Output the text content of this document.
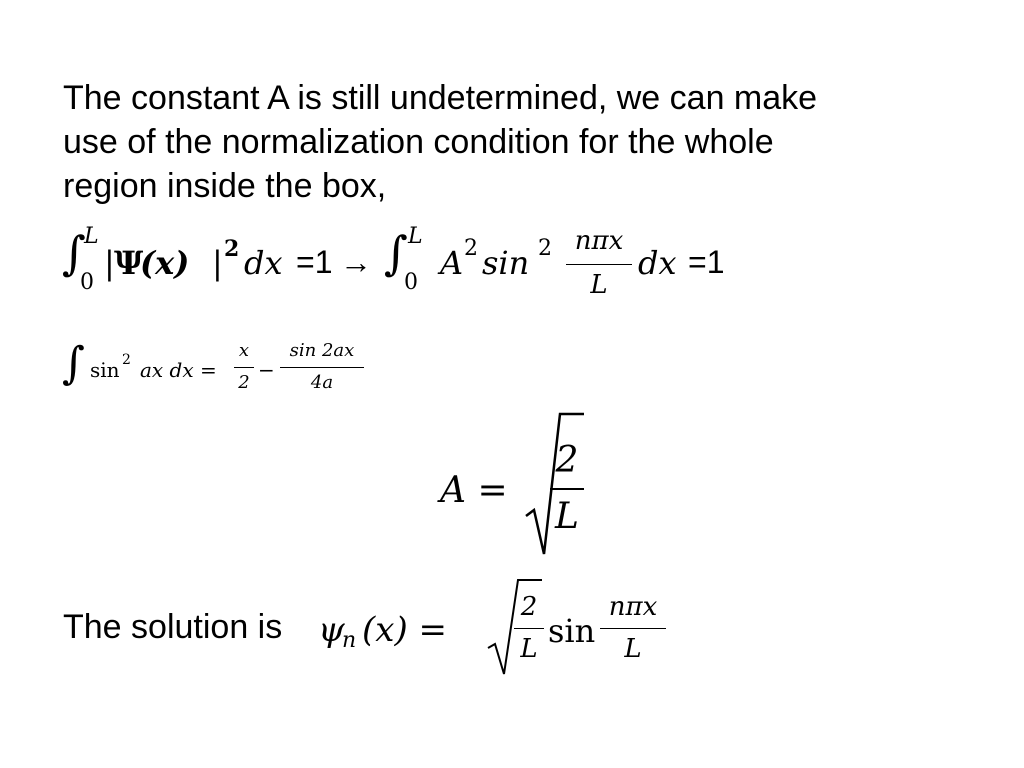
The constant A is still undetermined, we can make
use of the normalization condition for the whole
region inside the box,
∫
L
0
| Ψ
(x) | 2 dx =1 → ∫ L
0
A 2 sin 2 nπx
L
dx =1
∫ sin 2 ax dx =
x
2
−
sin 2ax
4a
A =
2
L
The solution is ψ
n (x) =
2
L sin
nπx
L
